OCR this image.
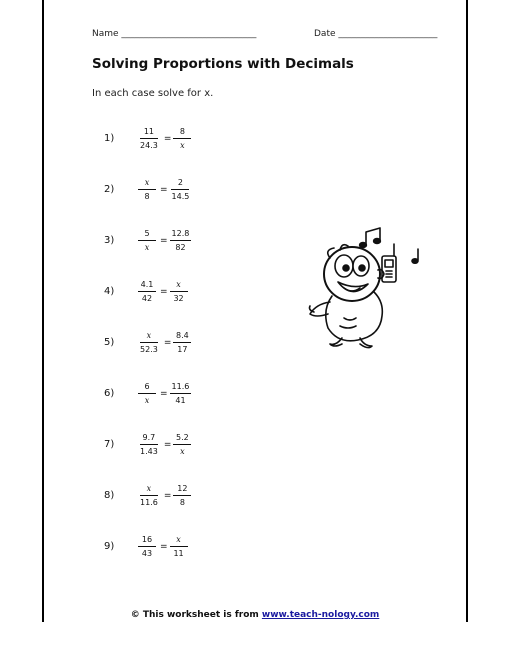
Name ______________________________	Date ______________________
Solving Proportions with Decimals
In each case solve for x.
1)	$\frac{11}{24.3} = \frac{8}{x}$
2)	$\frac{x}{8} = \frac{2}{14.5}$
3)	$\frac{5}{x} = \frac{12.8}{82}$
4)	$\frac{4.1}{42} = \frac{x}{32}$
5)	$\frac{x}{52.3} = \frac{8.4}{17}$
6)	$\frac{6}{x} = \frac{11.6}{41}$
7)	$\frac{9.7}{1.43} = \frac{5.2}{x}$
8)	$\frac{x}{11.6} = \frac{12}{8}$
9)	$\frac{16}{43} = \frac{x}{11}$
© This worksheet is from www.teach-nology.com
